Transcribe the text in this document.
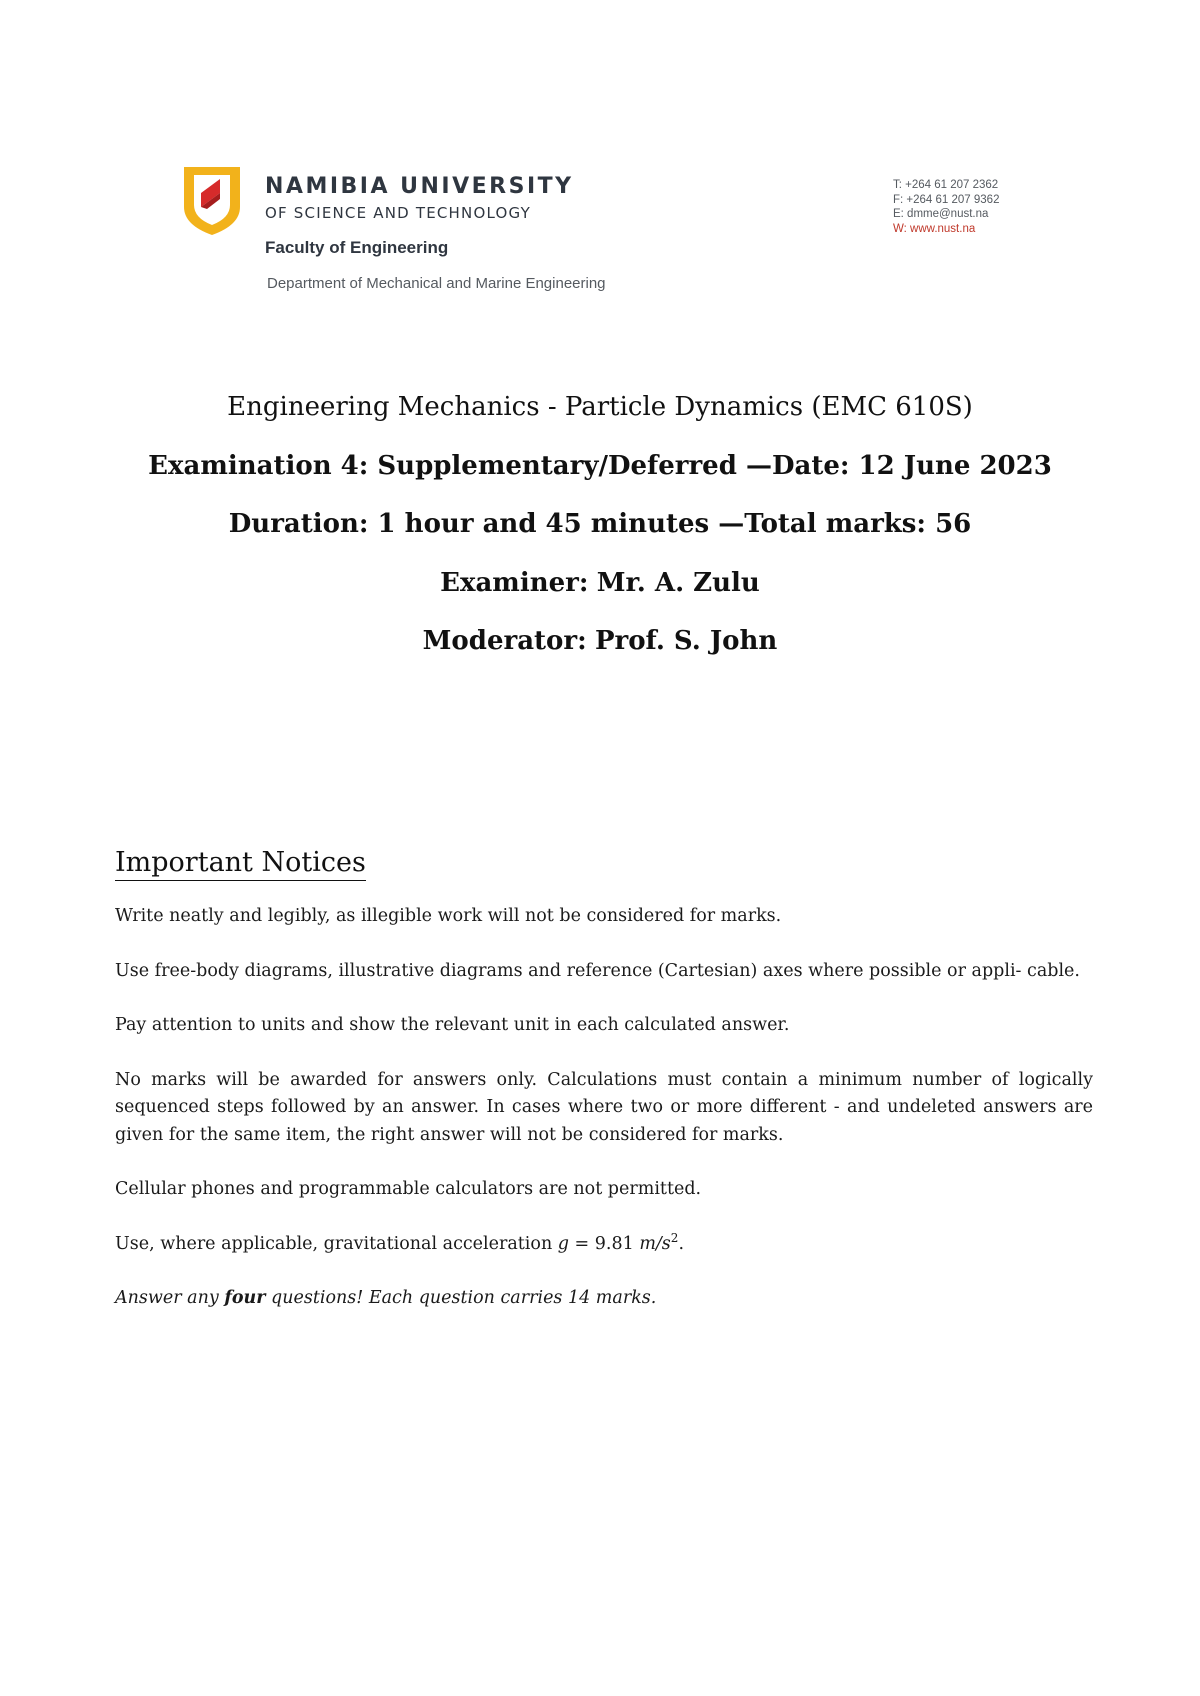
NAMIBIA UNIVERSITY
OF SCIENCE AND TECHNOLOGY
Faculty of Engineering
Department of Mechanical and Marine Engineering
T: +264 61 207 2362
F: +264 61 207 9362
E: dmme@nust.na
W: www.nust.na
Engineering Mechanics - Particle Dynamics (EMC 610S)
Examination 4: Supplementary/Deferred —Date: 12 June 2023
Duration: 1 hour and 45 minutes —Total marks: 56
Examiner: Mr. A. Zulu
Moderator: Prof. S. John
Important Notices

Write neatly and legibly, as illegible work will not be considered for marks.

Use free-body diagrams, illustrative diagrams and reference (Cartesian) axes where possible or appli- cable.

Pay attention to units and show the relevant unit in each calculated answer.

No marks will be awarded for answers only. Calculations must contain a minimum number of logically sequenced steps followed by an answer. In cases where two or more different - and undeleted answers are given for the same item, the right answer will not be considered for marks.

Cellular phones and programmable calculators are not permitted.

Use, where applicable, gravitational acceleration g = 9.81 $m/s^2$.

Answer any four questions! Each question carries 14 marks.
